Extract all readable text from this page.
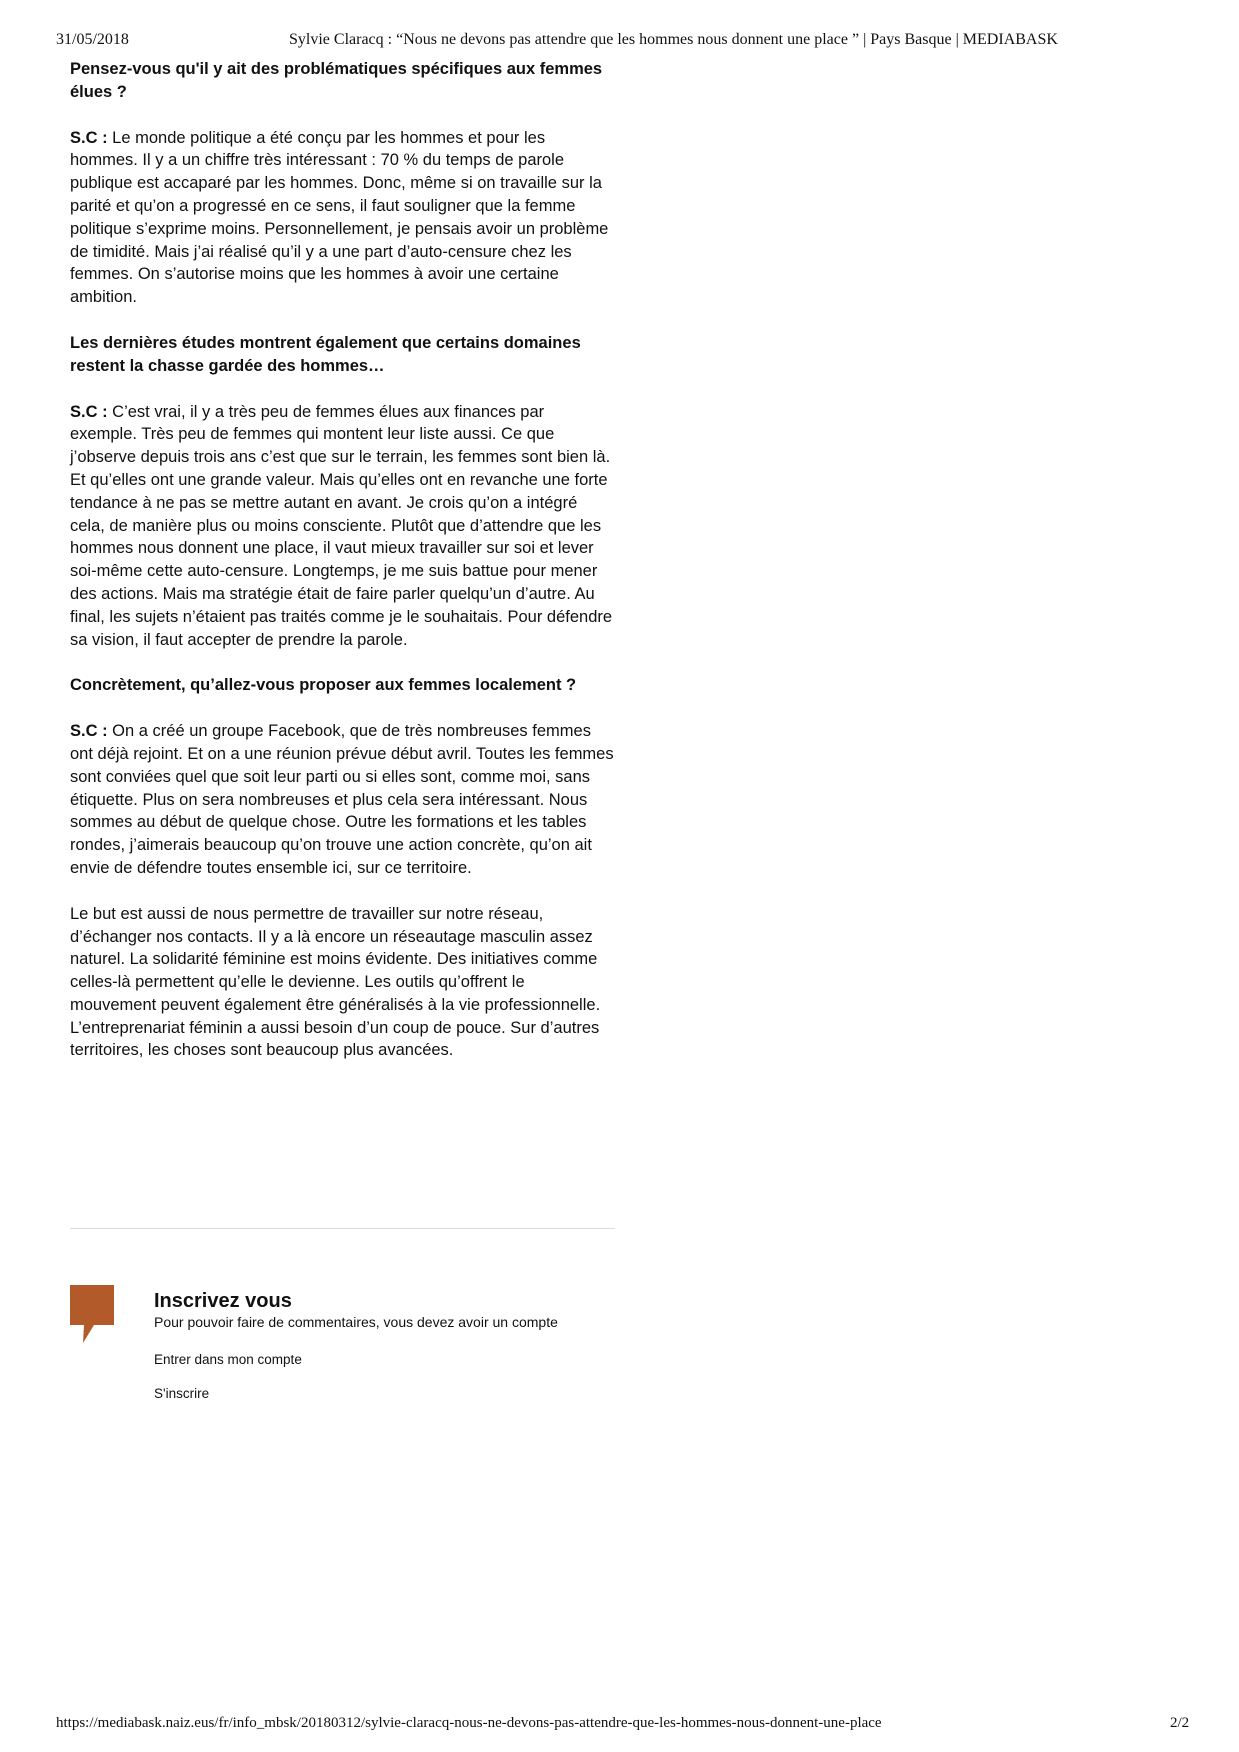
31/05/2018	Sylvie Claracq : “Nous ne devons pas attendre que les hommes nous donnent une place ” | Pays Basque | MEDIABASK

Pensez-vous qu'il y ait des problématiques spécifiques aux femmes élues ?

S.C : Le monde politique a été conçu par les hommes et pour les hommes. Il y a un chiffre très intéressant : 70 % du temps de parole publique est accaparé par les hommes. Donc, même si on travaille sur la parité et qu’on a progressé en ce sens, il faut souligner que la femme politique s’exprime moins. Personnellement, je pensais avoir un problème de timidité. Mais j’ai réalisé qu’il y a une part d’auto-censure chez les femmes. On s’autorise moins que les hommes à avoir une certaine ambition.

Les dernières études montrent également que certains domaines restent la chasse gardée des hommes…

S.C : C’est vrai, il y a très peu de femmes élues aux finances par exemple. Très peu de femmes qui montent leur liste aussi. Ce que j’observe depuis trois ans c’est que sur le terrain, les femmes sont bien là. Et qu’elles ont une grande valeur. Mais qu’elles ont en revanche une forte tendance à ne pas se mettre autant en avant. Je crois qu’on a intégré cela, de manière plus ou moins consciente. Plutôt que d’attendre que les hommes nous donnent une place, il vaut mieux travailler sur soi et lever soi-même cette auto-censure. Longtemps, je me suis battue pour mener des actions. Mais ma stratégie était de faire parler quelqu’un d’autre. Au final, les sujets n’étaient pas traités comme je le souhaitais. Pour défendre sa vision, il faut accepter de prendre la parole.

Concrètement, qu’allez-vous proposer aux femmes localement ?

S.C : On a créé un groupe Facebook, que de très nombreuses femmes ont déjà rejoint. Et on a une réunion prévue début avril. Toutes les femmes sont conviées quel que soit leur parti ou si elles sont, comme moi, sans étiquette. Plus on sera nombreuses et plus cela sera intéressant. Nous sommes au début de quelque chose. Outre les formations et les tables rondes, j’aimerais beaucoup qu’on trouve une action concrète, qu’on ait envie de défendre toutes ensemble ici, sur ce territoire.

Le but est aussi de nous permettre de travailler sur notre réseau, d’échanger nos contacts. Il y a là encore un réseautage masculin assez naturel. La solidarité féminine est moins évidente. Des initiatives comme celles-là permettent qu’elle le devienne. Les outils qu’offrent le mouvement peuvent également être généralisés à la vie professionnelle. L’entreprenariat féminin a aussi besoin d’un coup de pouce. Sur d’autres territoires, les choses sont beaucoup plus avancées.

Inscrivez vous
Pour pouvoir faire de commentaires, vous devez avoir un compte
Entrer dans mon compte
S'inscrire
https://mediabask.naiz.eus/fr/info_mbsk/20180312/sylvie-claracq-nous-ne-devons-pas-attendre-que-les-hommes-nous-donnent-une-place	2/2
